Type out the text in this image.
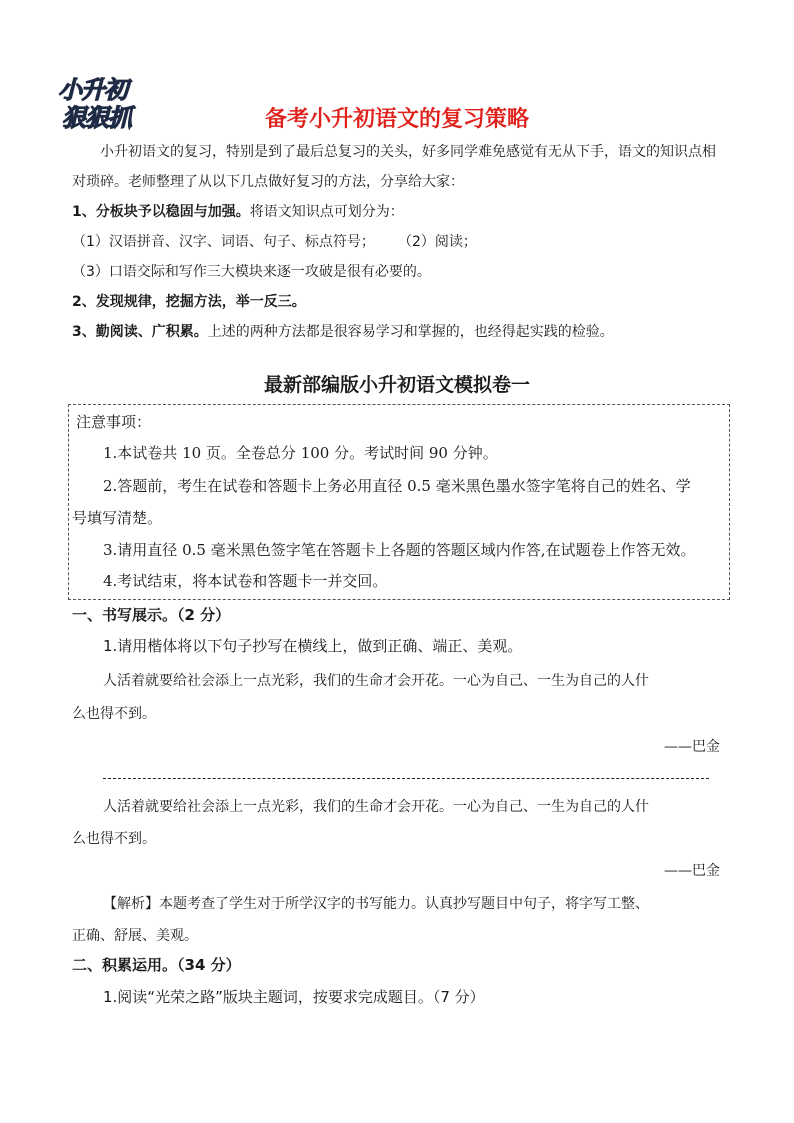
小升初
狠狠抓	备考小升初语文的复习策略
小升初语文的复习，特别是到了最后总复习的关头，好多同学难免感觉有无从下手，语文的知识点相
对琐碎。老师整理了从以下几点做好复习的方法，分享给大家：
1、分板块予以稳固与加强。将语文知识点可划分为：
（1）汉语拼音、汉字、词语、句子、标点符号； （2）阅读；
（3）口语交际和写作三大模块来逐一攻破是很有必要的。
2、发现规律，挖掘方法，举一反三。
3、勤阅读、广积累。上述的两种方法都是很容易学习和掌握的，也经得起实践的检验。
最新部编版小升初语文模拟卷一
注意事项：
1.本试卷共 10 页。全卷总分 100 分。考试时间 90 分钟。
2.答题前，考生在试卷和答题卡上务必用直径 0.5 毫米黑色墨水签字笔将自己的姓名、学
号填写清楚。
3.请用直径 0.5 毫米黑色签字笔在答题卡上各题的答题区域内作答,在试题卷上作答无效。
4.考试结束，将本试卷和答题卡一并交回。
一、书写展示。（2 分）
1.请用楷体将以下句子抄写在横线上，做到正确、端正、美观。
人活着就要给社会添上一点光彩，我们的生命才会开花。一心为自己、一生为自己的人什
么也得不到。
——巴金
人活着就要给社会添上一点光彩，我们的生命才会开花。一心为自己、一生为自己的人什
么也得不到。
——巴金
【解析】本题考查了学生对于所学汉字的书写能力。认真抄写题目中句子，将字写工整、
正确、舒展、美观。
二、积累运用。（34 分）
1.阅读“光荣之路”版块主题词，按要求完成题目。（7 分）
